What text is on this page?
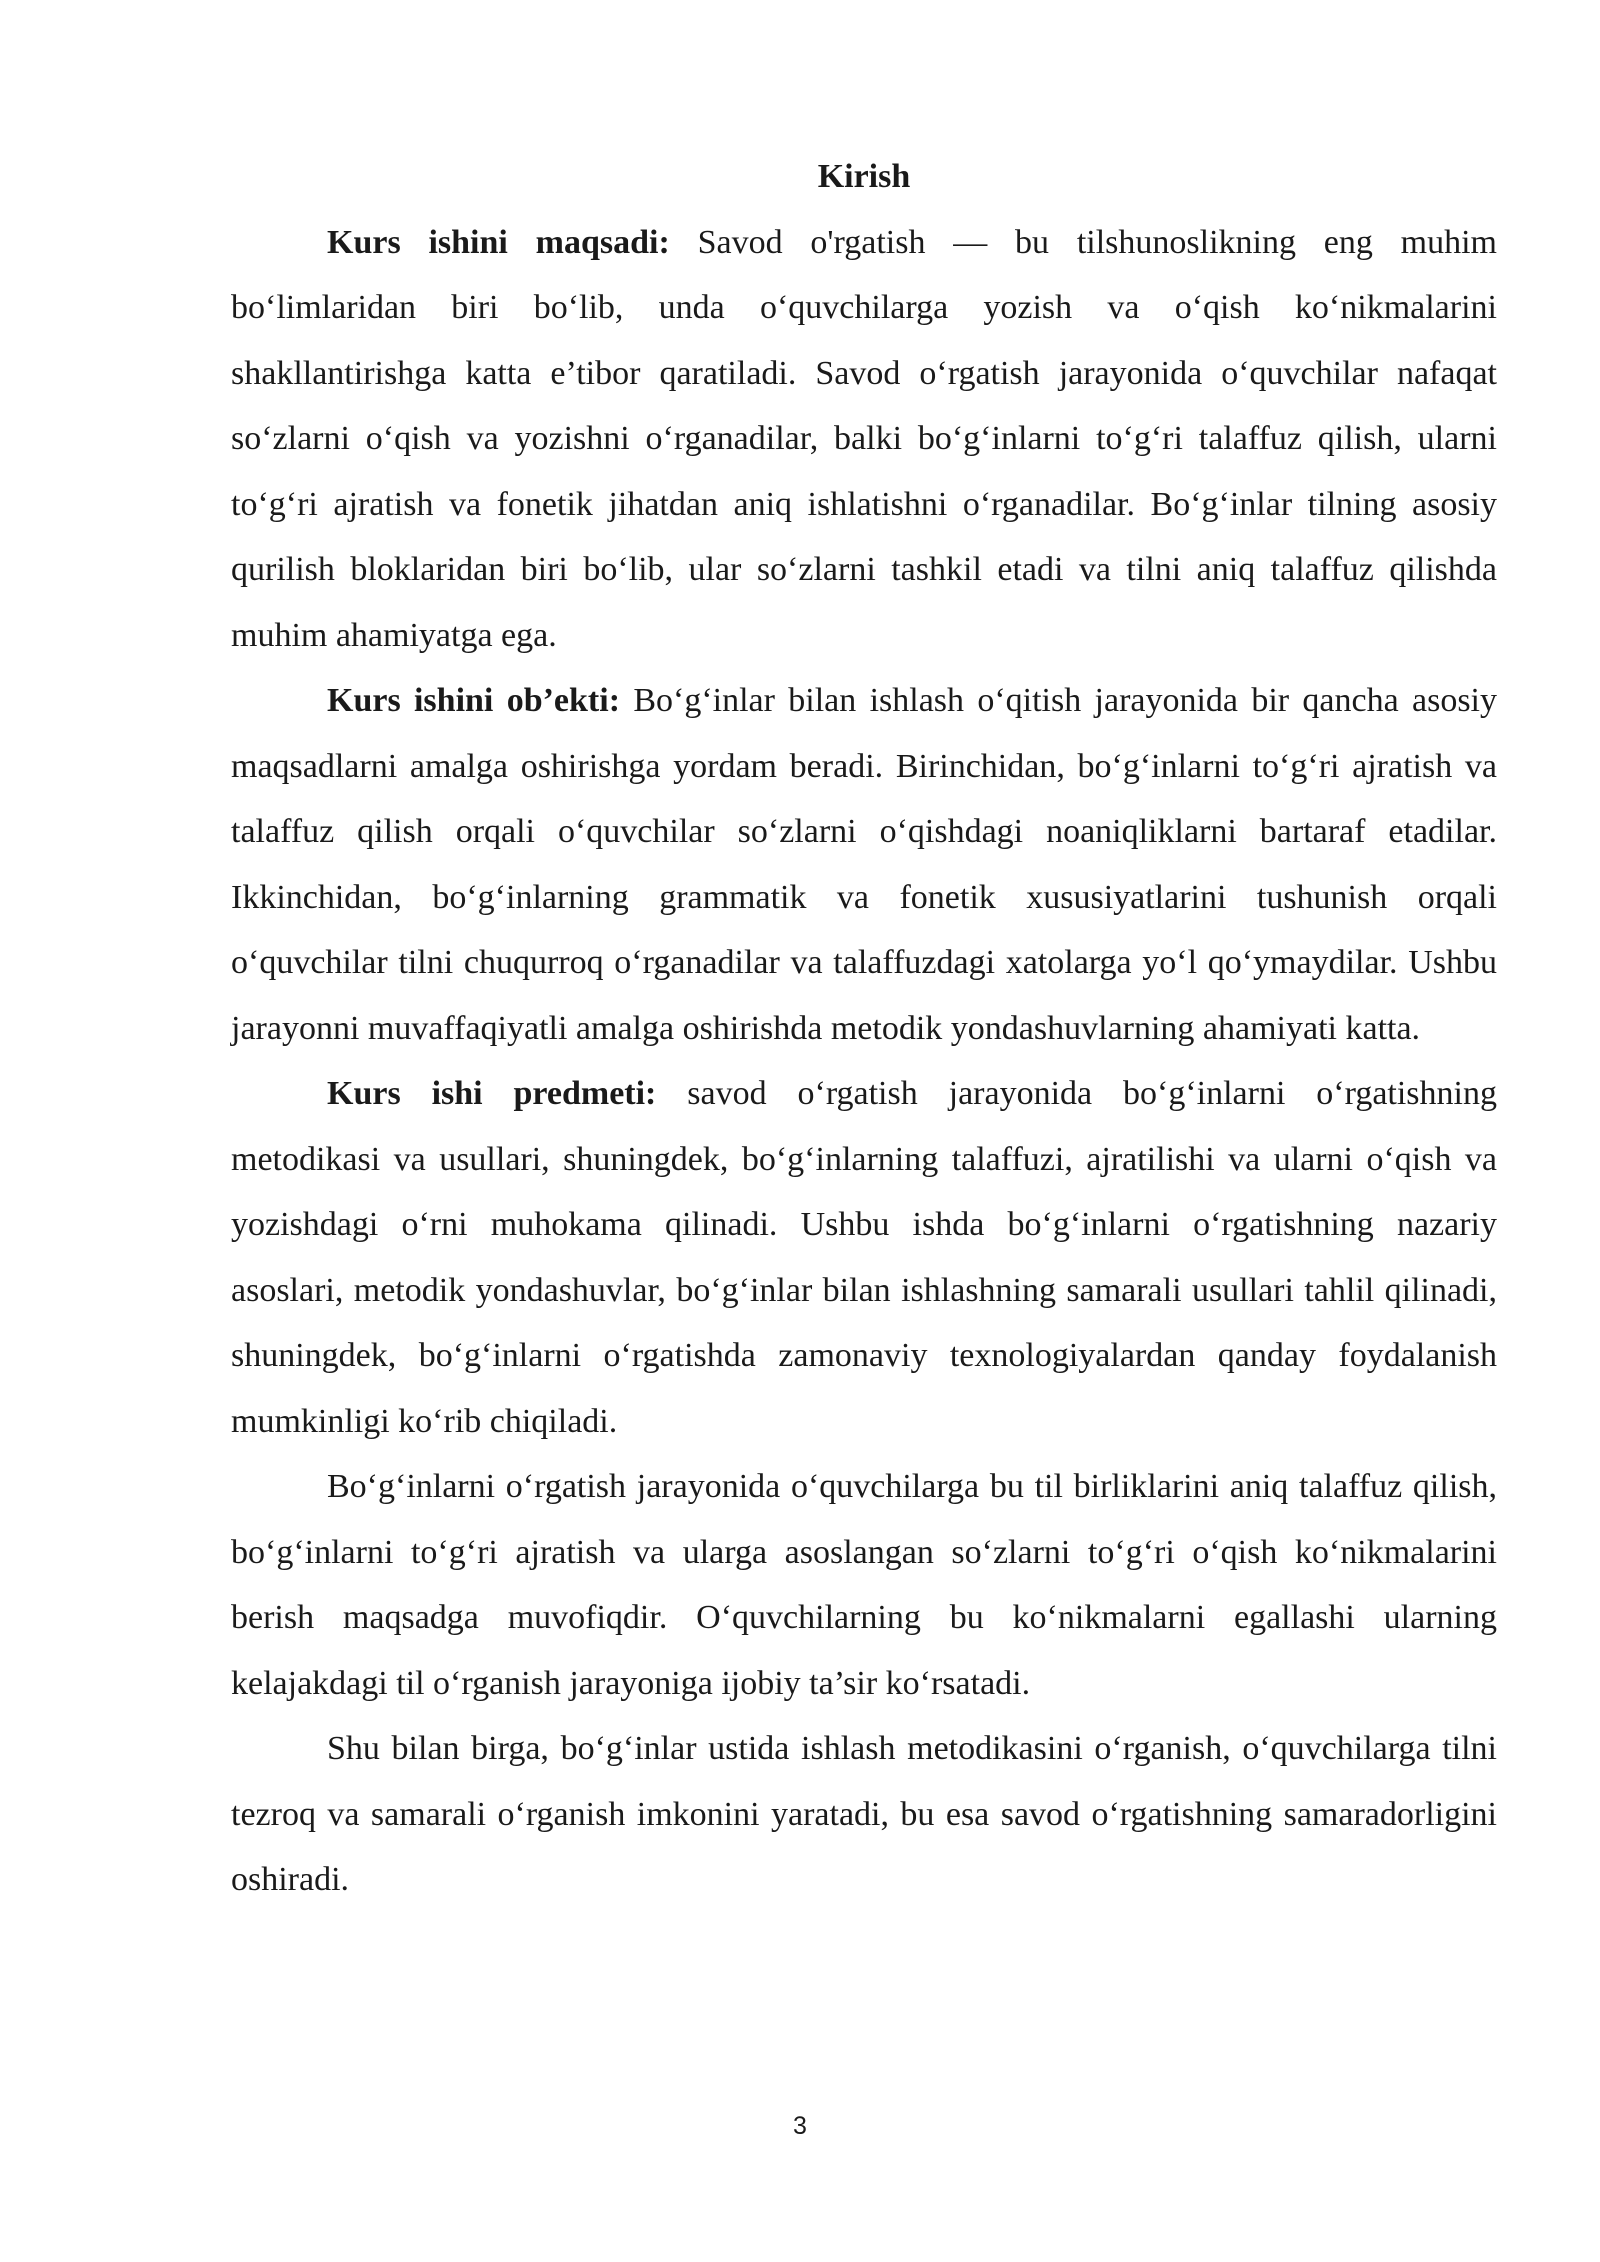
Kirish

Kurs ishini maqsadi: Savod o'rgatish — bu tilshunoslikning eng muhim bo‘limlaridan biri bo‘lib, unda o‘quvchilarga yozish va o‘qish ko‘nikmalarini shakllantirishga katta e’tibor qaratiladi. Savod o‘rgatish jarayonida o‘quvchilar nafaqat so‘zlarni o‘qish va yozishni o‘rganadilar, balki bo‘g‘inlarni to‘g‘ri talaffuz qilish, ularni to‘g‘ri ajratish va fonetik jihatdan aniq ishlatishni o‘rganadilar. Bo‘g‘inlar tilning asosiy qurilish bloklaridan biri bo‘lib, ular so‘zlarni tashkil etadi va tilni aniq talaffuz qilishda muhim ahamiyatga ega.

Kurs ishini ob’ekti: Bo‘g‘inlar bilan ishlash o‘qitish jarayonida bir qancha asosiy maqsadlarni amalga oshirishga yordam beradi. Birinchidan, bo‘g‘inlarni to‘g‘ri ajratish va talaffuz qilish orqali o‘quvchilar so‘zlarni o‘qishdagi noaniqliklarni bartaraf etadilar. Ikkinchidan, bo‘g‘inlarning grammatik va fonetik xususiyatlarini tushunish orqali o‘quvchilar tilni chuqurroq o‘rganadilar va talaffuzdagi xatolarga yo‘l qo‘ymaydilar. Ushbu jarayonni muvaffaqiyatli amalga oshirishda metodik yondashuvlarning ahamiyati katta.

Kurs ishi predmeti: savod o‘rgatish jarayonida bo‘g‘inlarni o‘rgatishning metodikasi va usullari, shuningdek, bo‘g‘inlarning talaffuzi, ajratilishi va ularni o‘qish va yozishdagi o‘rni muhokama qilinadi. Ushbu ishda bo‘g‘inlarni o‘rgatishning nazariy asoslari, metodik yondashuvlar, bo‘g‘inlar bilan ishlashning samarali usullari tahlil qilinadi, shuningdek, bo‘g‘inlarni o‘rgatishda zamonaviy texnologiyalardan qanday foydalanish mumkinligi ko‘rib chiqiladi.

Bo‘g‘inlarni o‘rgatish jarayonida o‘quvchilarga bu til birliklarini aniq talaffuz qilish, bo‘g‘inlarni to‘g‘ri ajratish va ularga asoslangan so‘zlarni to‘g‘ri o‘qish ko‘nikmalarini berish maqsadga muvofiqdir. O‘quvchilarning bu ko‘nikmalarni egallashi ularning kelajakdagi til o‘rganish jarayoniga ijobiy ta’sir ko‘rsatadi.

Shu bilan birga, bo‘g‘inlar ustida ishlash metodikasini o‘rganish, o‘quvchilarga tilni tezroq va samarali o‘rganish imkonini yaratadi, bu esa savod o‘rgatishning samaradorligini oshiradi.

3
